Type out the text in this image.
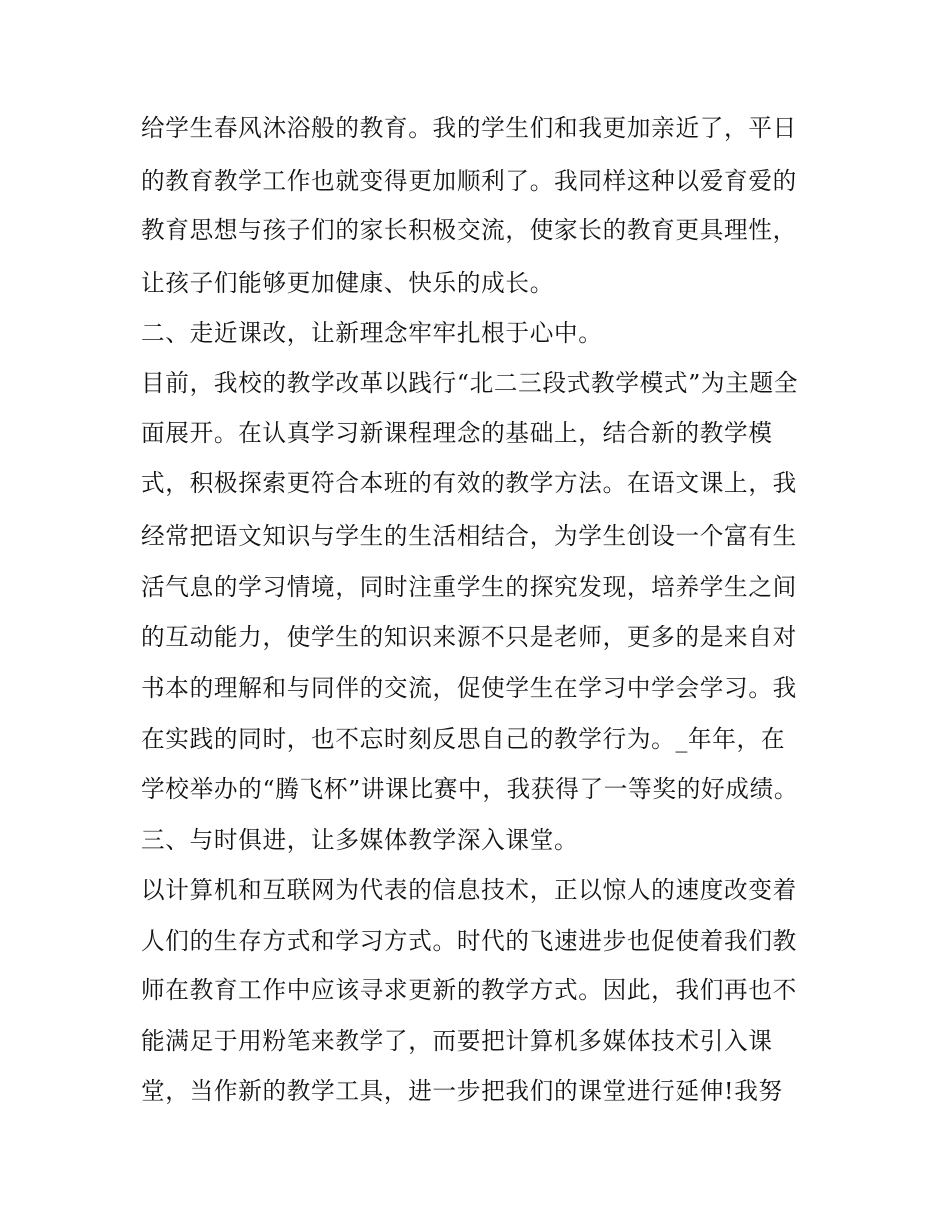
给学生春风沐浴般的教育。我的学生们和我更加亲近了，平日

的教育教学工作也就变得更加顺利了。我同样这种以爱育爱的

教育思想与孩子们的家长积极交流，使家长的教育更具理性，

让孩子们能够更加健康、快乐的成长。

二、走近课改，让新理念牢牢扎根于心中。

目前，我校的教学改革以践行“北二三段式教学模式”为主题全

面展开。在认真学习新课程理念的基础上，结合新的教学模

式，积极探索更符合本班的有效的教学方法。在语文课上，我

经常把语文知识与学生的生活相结合，为学生创设一个富有生

活气息的学习情境，同时注重学生的探究发现，培养学生之间

的互动能力，使学生的知识来源不只是老师，更多的是来自对

书本的理解和与同伴的交流，促使学生在学习中学会学习。我

在实践的同时，也不忘时刻反思自己的教学行为。_年年，在

学校举办的“腾飞杯”讲课比赛中，我获得了一等奖的好成绩。

三、与时俱进，让多媒体教学深入课堂。

以计算机和互联网为代表的信息技术，正以惊人的速度改变着

人们的生存方式和学习方式。时代的飞速进步也促使着我们教

师在教育工作中应该寻求更新的教学方式。因此，我们再也不

能满足于用粉笔来教学了，而要把计算机多媒体技术引入课

堂，当作新的教学工具，进一步把我们的课堂进行延伸!我努
